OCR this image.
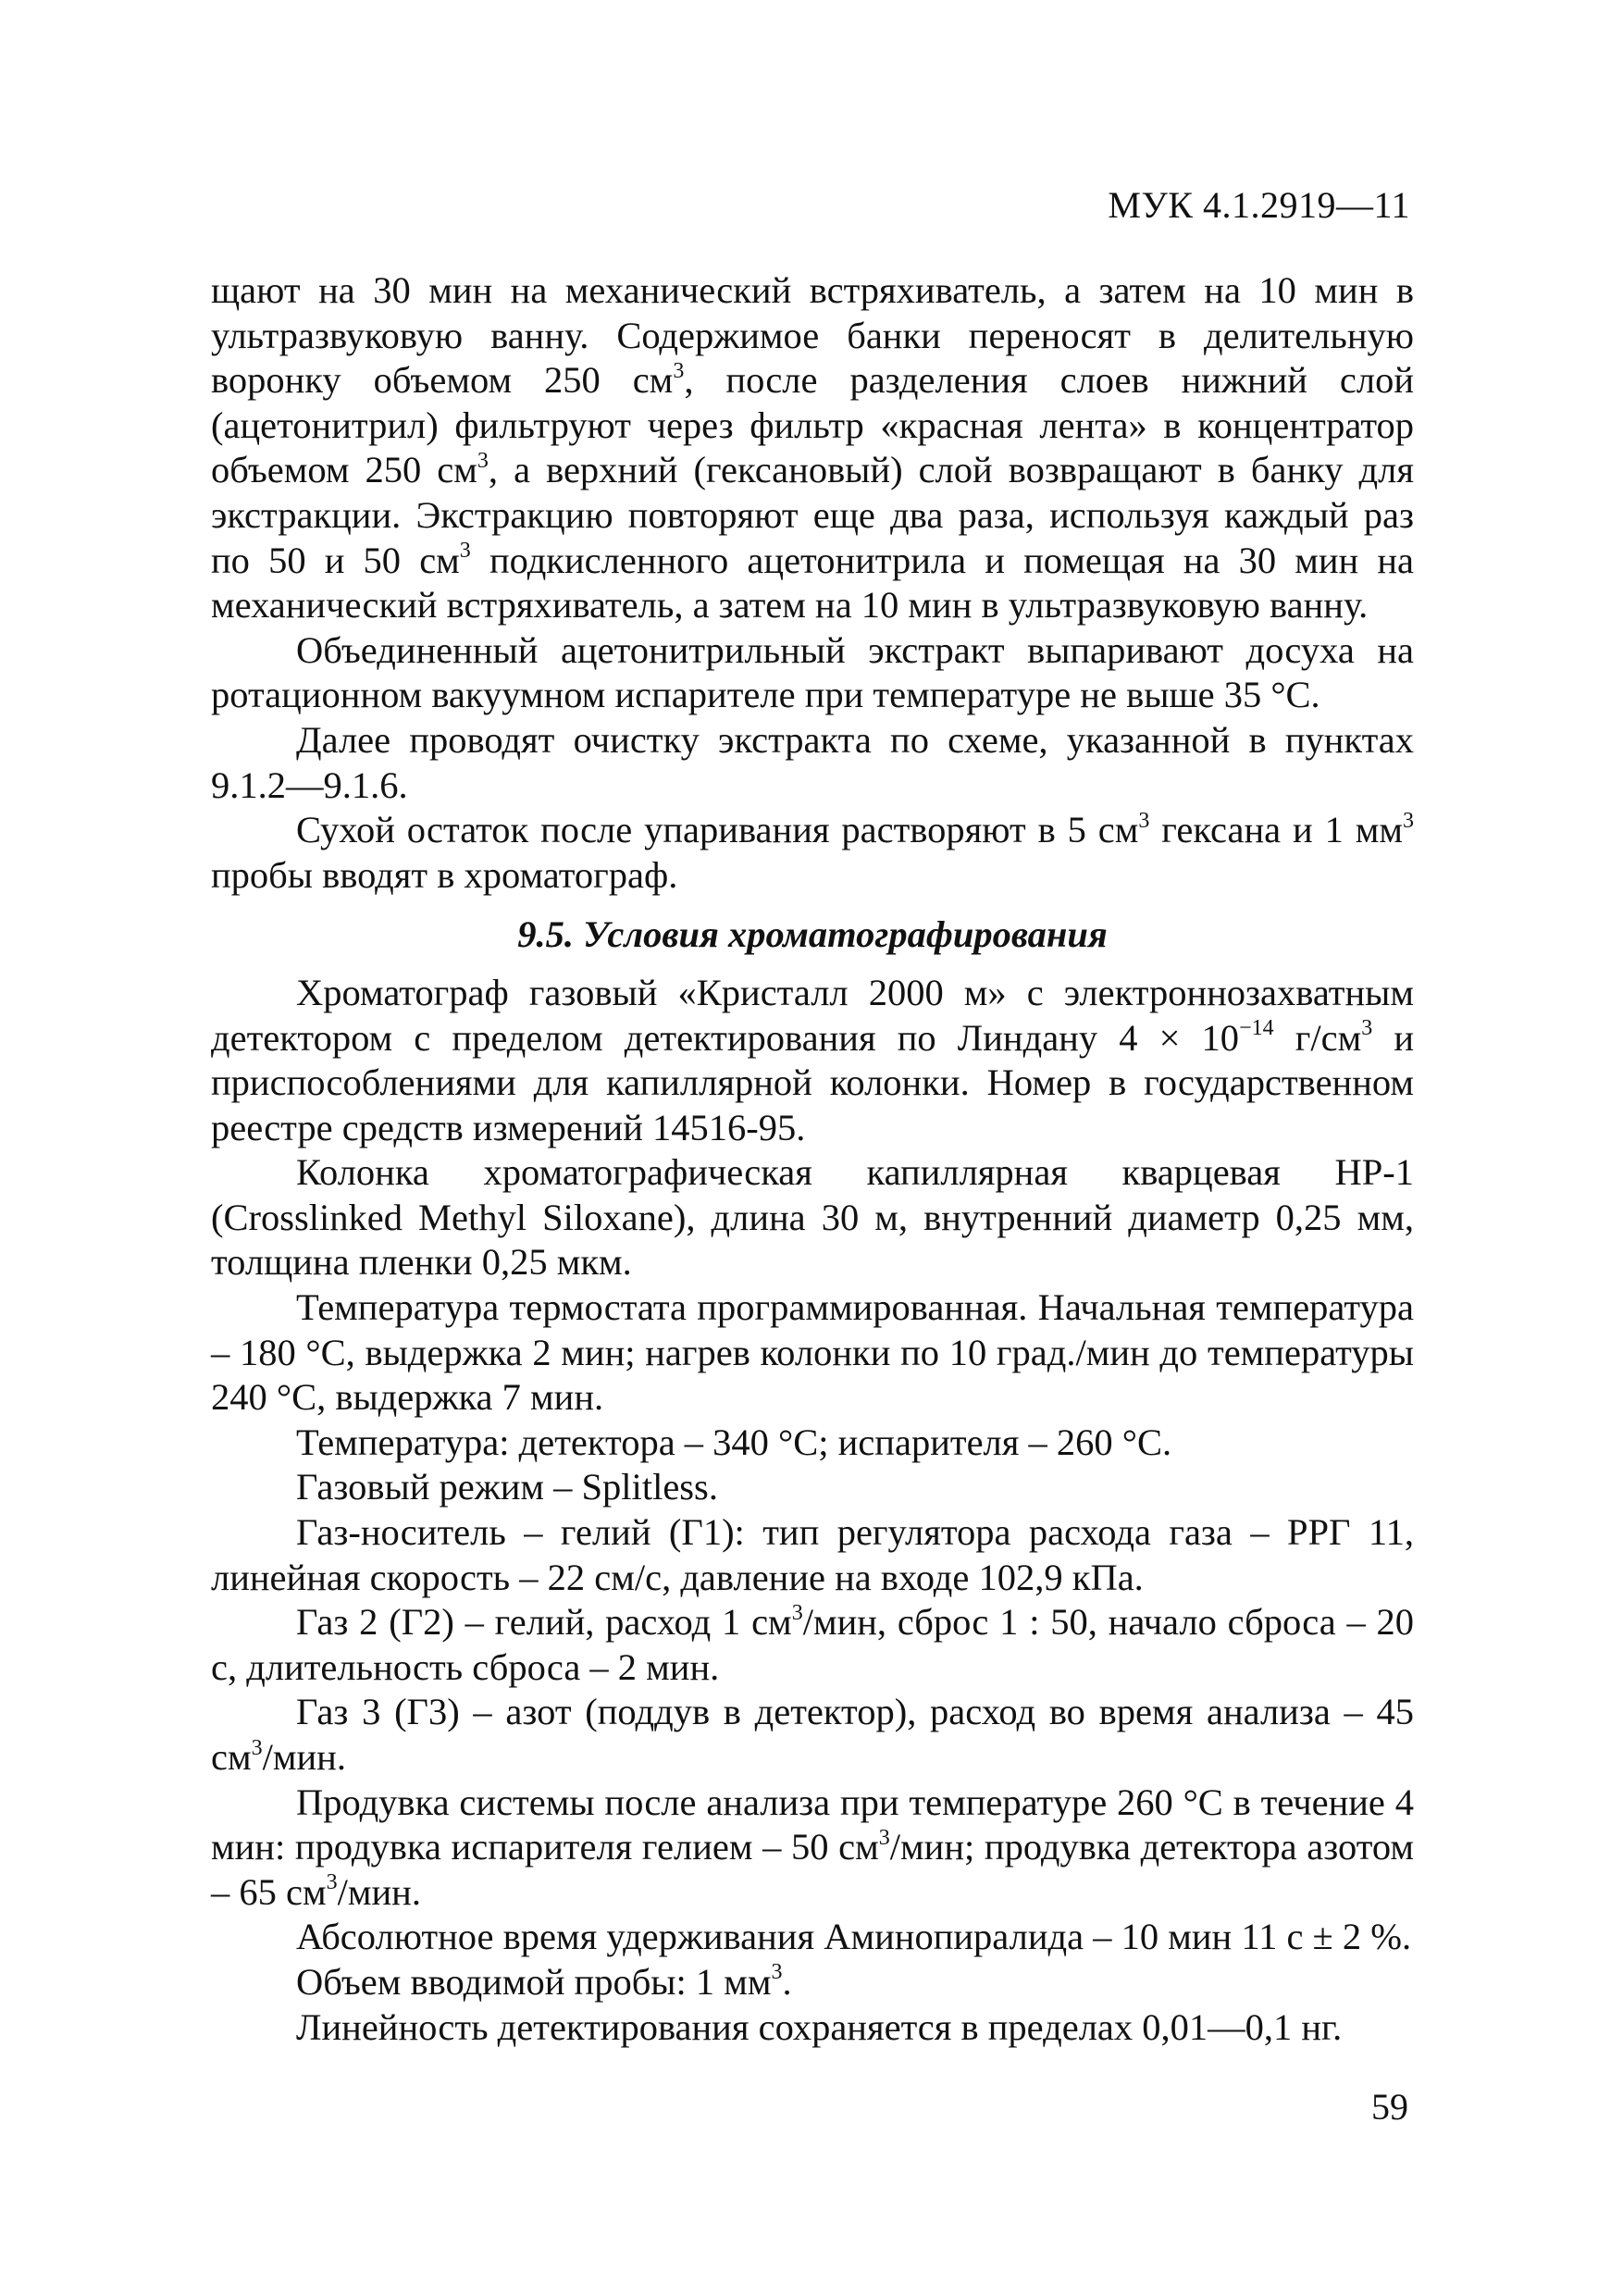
МУК 4.1.2919—11

щают на 30 мин на механический встряхиватель, а затем на 10 мин в ультразвуковую ванну. Содержимое банки переносят в делительную воронку объемом 250 $см^3$, после разделения слоев нижний слой (ацетонитрил) фильтруют через фильтр «красная лента» в концентратор объемом 250 $см^3$, а верхний (гексановый) слой возвращают в банку для экстракции. Экстракцию повторяют еще два раза, используя каждый раз по 50 и 50 $см^3$ подкисленного ацетонитрила и помещая на 30 мин на механический встряхиватель, а затем на 10 мин в ультразвуковую ванну.

Объединенный ацетонитрильный экстракт выпаривают досуха на ротационном вакуумном испарителе при температуре не выше 35 °С.

Далее проводят очистку экстракта по схеме, указанной в пунктах 9.1.2—9.1.6.

Сухой остаток после упаривания растворяют в 5 $см^3$ гексана и 1 $мм^3$ пробы вводят в хроматограф.

9.5. Условия хроматографирования

Хроматограф газовый «Кристалл 2000 м» с электроннозахватным детектором с пределом детектирования по Линдану $4 \times 10^{-14}$ $г/см^3$ и приспособлениями для капиллярной колонки. Номер в государственном реестре средств измерений 14516-95.

Колонка хроматографическая капиллярная кварцевая HP-1 (Crosslinked Methyl Siloxane), длина 30 м, внутренний диаметр 0,25 мм, толщина пленки 0,25 мкм.

Температура термостата программированная. Начальная температура – 180 °С, выдержка 2 мин; нагрев колонки по 10 град./мин до температуры 240 °С, выдержка 7 мин.

Температура: детектора – 340 °С; испарителя – 260 °С.

Газовый режим – Splitless.

Газ-носитель – гелий (Г1): тип регулятора расхода газа – РРГ 11, линейная скорость – 22 см/с, давление на входе 102,9 кПа.

Газ 2 (Г2) – гелий, расход 1 $см^3$/мин, сброс 1 : 50, начало сброса – 20 с, длительность сброса – 2 мин.

Газ 3 (Г3) – азот (поддув в детектор), расход во время анализа – 45 $см^3$/мин.

Продувка системы после анализа при температуре 260 °С в течение 4 мин: продувка испарителя гелием – 50 $см^3$/мин; продувка детектора азотом – 65 $см^3$/мин.

Абсолютное время удерживания Аминопиралида – 10 мин 11 с ± 2 %.

Объем вводимой пробы: 1 $мм^3$.

Линейность детектирования сохраняется в пределах 0,01—0,1 нг.

59
